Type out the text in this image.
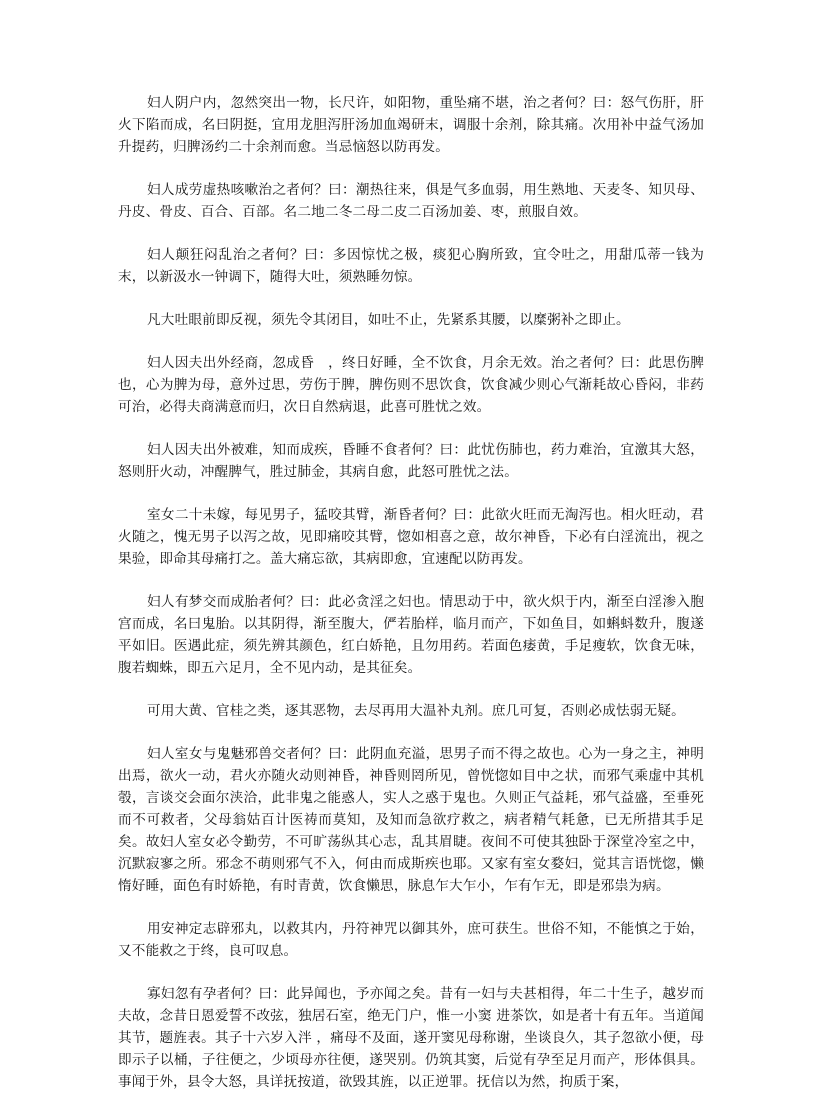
妇人阴户内，忽然突出一物，长尺许，如阳物，重坠痛不堪，治之者何？曰：怒气伤肝，肝火下陷而成，名曰阴挺，宜用龙胆泻肝汤加血竭研末，调服十余剂，除其痛。次用补中益气汤加升提药，归脾汤约二十余剂而愈。当忌恼怒以防再发。

妇人成劳虚热咳嗽治之者何？曰：潮热往来，俱是气多血弱，用生熟地、天麦冬、知贝母、丹皮、骨皮、百合、百部。名二地二冬二母二皮二百汤加姜、枣，煎服自效。

妇人颠狂闷乱治之者何？曰：多因惊忧之极，痰犯心胸所致，宜令吐之，用甜瓜蒂一钱为末，以新汲水一钟调下，随得大吐，须熟睡勿惊。

凡大吐眼前即反视，须先令其闭目，如吐不止，先紧系其腰，以糜粥补之即止。

妇人因夫出外经商，忽成昏　，终日好睡，全不饮食，月余无效。治之者何？曰：此思伤脾也，心为脾为母，意外过思，劳伤于脾，脾伤则不思饮食，饮食减少则心气渐耗故心昏闷，非药可治，必得夫商满意而归，次日自然病退，此喜可胜忧之效。

妇人因夫出外被难，知而成疾，昏睡不食者何？曰：此忧伤肺也，药力难治，宜激其大怒，怒则肝火动，冲醒脾气，胜过肺金，其病自愈，此怒可胜忧之法。

室女二十未嫁，每见男子，猛咬其臂，渐昏者何？曰：此欲火旺而无淘泻也。相火旺动，君火随之，愧无男子以泻之故，见即痛咬其臂，惚如相喜之意，故尔神昏，下必有白淫流出，视之果验，即命其母痛打之。盖大痛忘欲，其病即愈，宜速配以防再发。

妇人有梦交而成胎者何？曰：此必贪淫之妇也。情思动于中，欲火炽于内，渐至白淫渗入胞宫而成，名曰鬼胎。以其阴得，渐至腹大，俨若胎样，临月而产，下如鱼目，如蝌蚪数升，腹遂平如旧。医遇此症，须先辨其颜色，红白娇艳，且勿用药。若面色痿黄，手足瘦软，饮食无味，腹若蜘蛛，即五六足月，全不见内动，是其征矣。

可用大黄、官桂之类，逐其恶物，去尽再用大温补丸剂。庶几可复，否则必成怯弱无疑。

妇人室女与鬼魅邪兽交者何？曰：此阴血充溢，思男子而不得之故也。心为一身之主，神明出焉，欲火一动，君火亦随火动则神昏，神昏则罔所见，曾恍惚如目中之状，而邪气乘虚中其机彀，言谈交会面尔浃洽，此非鬼之能惑人，实人之惑于鬼也。久则正气益耗，邪气益盛，至垂死而不可救者，父母翁姑百计医祷而莫知，及知而急欲疗救之，病者精气耗惫，已无所措其手足矣。故妇人室女必令勤劳，不可旷荡纵其心志，乱其眉睫。夜间不可使其独卧于深堂冷室之中，沉默寂寥之所。邪念不萌则邪气不入，何由而成斯疾也耶。又家有室女婺妇，觉其言语恍惚，懒惰好睡，面色有时娇艳，有时青黄，饮食懒思，脉息乍大乍小，乍有乍无，即是邪祟为病。

用安神定志辟邪丸，以救其内，丹符神咒以御其外，庶可获生。世俗不知，不能慎之于始，又不能救之于终，良可叹息。

寡妇忽有孕者何？曰：此异闻也，予亦闻之矣。昔有一妇与夫甚相得，年二十生子，越岁而夫故，念昔日恩爱誓不改弦，独居石室，绝无门户，惟一小窦 进茶饮，如是者十有五年。当道闻其节，题旌表。其子十六岁入泮 ，痛母不及面，遂开窦见母称谢，坐谈良久，其子忽欲小便，母即示子以桶，子往便之，少顷母亦往便，遂哭别。仍筑其窦，后觉有孕至足月而产，形体俱具。事闻于外，县令大怒，具详抚按道，欲毁其旌，以正逆罪。抚信以为然，拘质于案，
